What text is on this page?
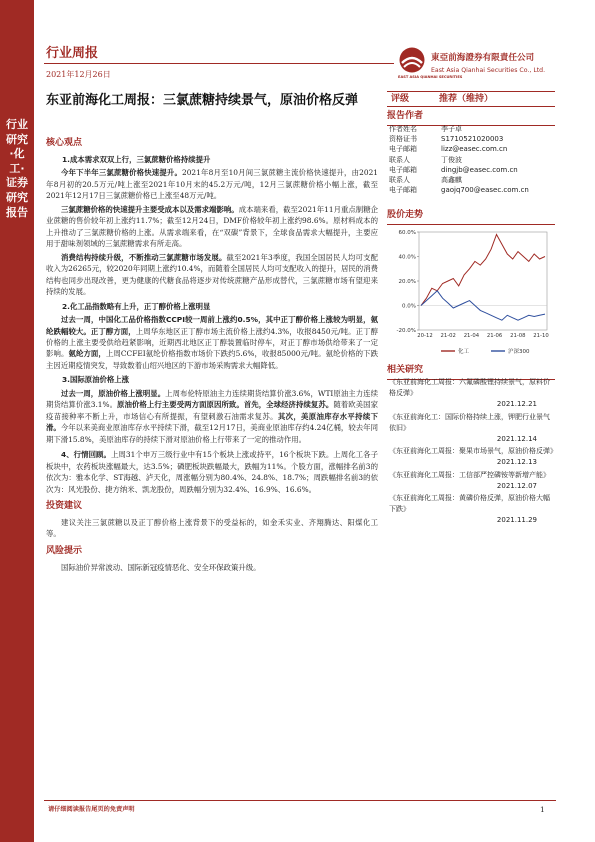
行业研究·化工·证券研究报告
行业周报
2021年12月26日
東亞前海證券有限責任公司
East Asia Qianhai Securities Co., Ltd.
EAST ASIA QIANHAI SECURITIES
东亚前海化工周报：三氯蔗糖持续景气，原油价格反弹	评级	推荐（维持）
报告作者
作者姓名	李子卓
资格证书	S1710521020003
电子邮箱	lizz@easec.com.cn
联系人	丁俊波
电子邮箱	dingjb@easec.com.cn
联系人	高鑫麒
电子邮箱	gaojq700@easec.com.cn
股价走势
60.0%
40.0%
20.0%
0.0%
-20.0%
20-12 21-02 21-04 21-06 21-08 21-10
化工	沪深300
相关研究

《东亚前海化工周报：六氟磷酸锂持续景气，原料价格反弹》
2021.12.21

《东亚前海化工：国际价格持续上涨，钾肥行业景气依旧》
2021.12.14

《东亚前海化工周报：聚果市场景气，原油价格反弹》
2021.12.13

《东亚前海化工周报：工信部严控磷铵等新增产能》
2021.12.07

《东亚前海化工周报：黄磷价格反弹，原油价格大幅下跌》
2021.11.29

核心观点
1.成本需求双双上行，三氯蔗糖价格持续提升

今年下半年三氯蔗糖价格快速提升。2021年8月至10月间三氯蔗糖主流价格快速提升，由2021年8月初的20.5万元/吨上涨至2021年10月末的45.2万元/吨，12月三氯蔗糖价格小幅上涨，截至2021年12月17日三氯蔗糖价格已上涨至48万元/吨。

三氯蔗糖价格的快速提升主要受成本以及需求端影响。成本端来看，截至2021年11月重点制糖企业蔗糖的售价较年初上涨约11.7%；截至12月24日，DMF价格较年初上涨约98.6%。原材料成本的上升推动了三氯蔗糖价格的上涨。从需求端来看，在“双碳”背景下，全球食品需求大幅提升，主要应用于甜味剂领域的三氯蔗糖需求有所走高。

消费结构持续升级，不断推动三氯蔗糖市场发展。截至2021年3季度，我国全国居民人均可支配收入为26265元，较2020年同期上涨约10.4%，而随着全国居民人均可支配收入的提升，居民的消费结构也同步出现改善，更为健康的代糖食品将逐步对传统蔗糖产品形成替代，三氯蔗糖市场有望迎来持续的发展。

2.化工品指数略有上升，正丁醇价格上涨明显

过去一周，中国化工品价格指数CCPI较一周前上涨约0.5%，其中正丁醇价格上涨较为明显，氨纶跌幅较大。正丁醇方面，上周华东地区正丁醇市场主流价格上涨约4.3%，收报8450元/吨。正丁醇价格的上涨主要受供给趋紧影响，近期西北地区正丁醇装置临时停车，对正丁醇市场供给带来了一定影响。氨纶方面，上周CCFEI氨纶价格指数市场价下跌约5.6%，收报85000元/吨。氨纶价格的下跌主因近期疫情突发，导致数着山绍兴地区的下游市场采购需求大幅降低。

3.国际原油价格上涨

过去一周，原油价格上涨明显。上周布伦特原油主力连续期货结算价涨3.6%，WTI原油主力连续期货结算价涨3.1%。原油价格上行主要受两方面原因所致。首先，全球经济持续复苏。随着欧美国家疫苗接种率不断上升，市场信心有所提振，有望刺激石油需求复苏。其次，美原油库存水平持续下滑。今年以来美商业原油库存水平持续下滑，截至12月17日，美商业原油库存约4.24亿桶，较去年同期下滑15.8%，美原油库存的持续下滑对原油价格上行带来了一定的推动作用。

4、行情回顾。上周31个申万三级行业中有15个板块上涨或持平，16个板块下跌。上周化工各子板块中，农药板块涨幅最大，达3.5%；磷肥板块跌幅最大，跌幅为11%。个股方面，涨幅排名前3的依次为：雅本化学、ST海越、泸天化，周涨幅分别为80.4%、24.8%、18.7%；周跌幅排名前3的依次为：风光股份、捷方纳米、凯龙股份，周跌幅分别为32.4%、16.9%、16.6%。

投资建议

建议关注三氯蔗糖以及正丁醇价格上涨背景下的受益标的，如金禾实业、齐翔腾达、阳煤化工等。

风险提示

国际油价异常波动、国际新冠疫情恶化、安全环保政策升级。

请仔细阅读报告尾页的免责声明	1
